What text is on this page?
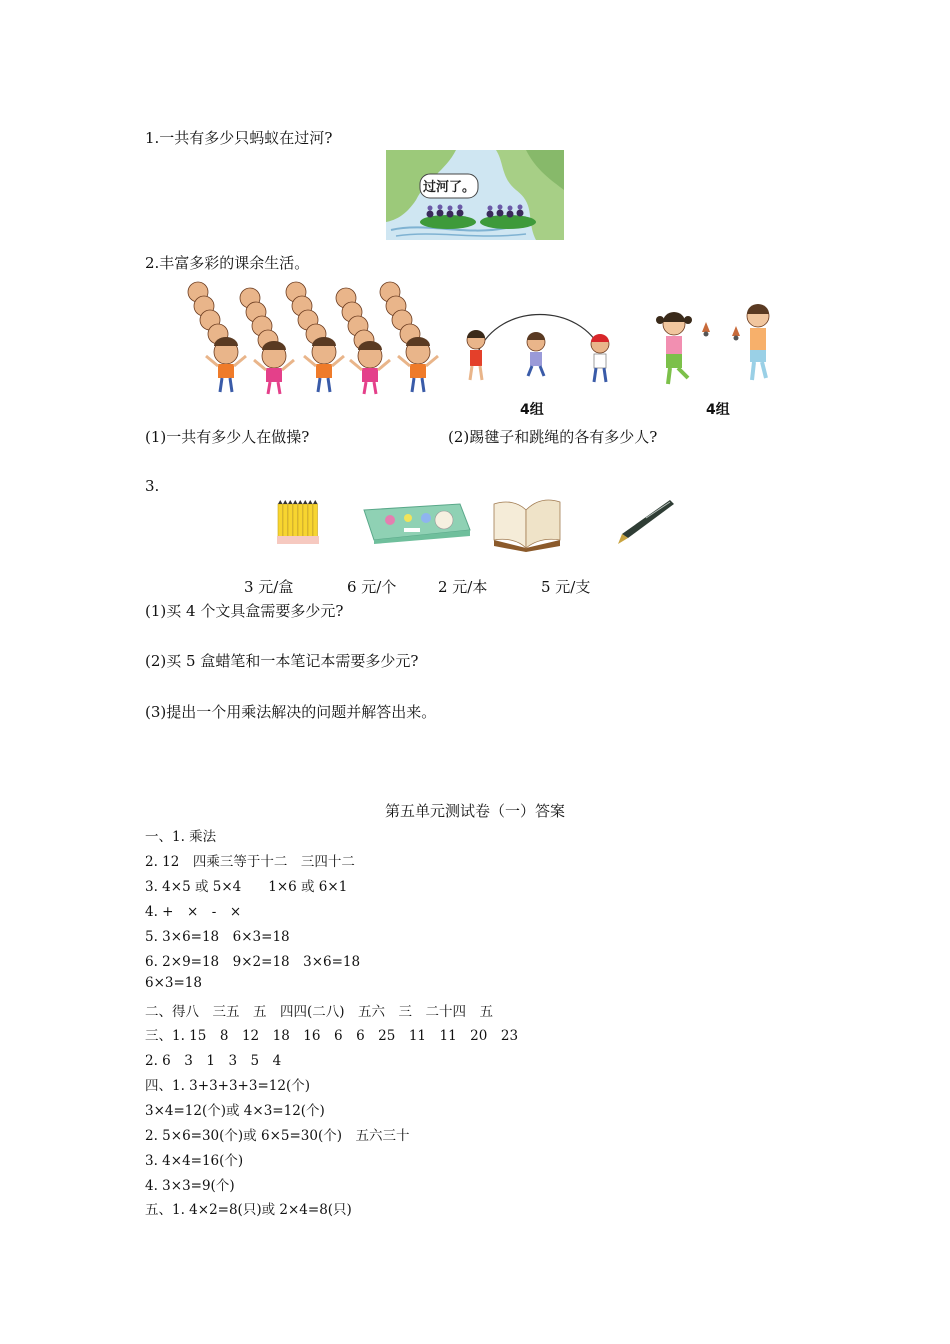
1.一共有多少只蚂蚁在过河?
过河了。
2.丰富多彩的课余生活。
4组	4组
(1)一共有多少人在做操?	(2)踢毽子和跳绳的各有多少人?
3.
3 元/盒	6 元/个	2 元/本	5 元/支
(1)买 4 个文具盒需要多少元?
(2)买 5 盒蜡笔和一本笔记本需要多少元?
(3)提出一个用乘法解决的问题并解答出来。
第五单元测试卷（一）答案
一、1. 乘法
2. 12　四乘三等于十二　三四十二
3. 4×5 或 5×4　　1×6 或 6×1
4. +　×　-　×
5. 3×6=18　6×3=18
6. 2×9=18　9×2=18　3×6=18
6×3=18
二、得八　三五　五　四四(二八)　五六　三　二十四　五
三、1. 15　8　12　18　16　6　6　25　11　11　20　23
2. 6　3　1　3　5　4
四、1. 3+3+3+3=12(个)
3×4=12(个)或 4×3=12(个)
2. 5×6=30(个)或 6×5=30(个)　五六三十
3. 4×4=16(个)
4. 3×3=9(个)
五、1. 4×2=8(只)或 2×4=8(只)
